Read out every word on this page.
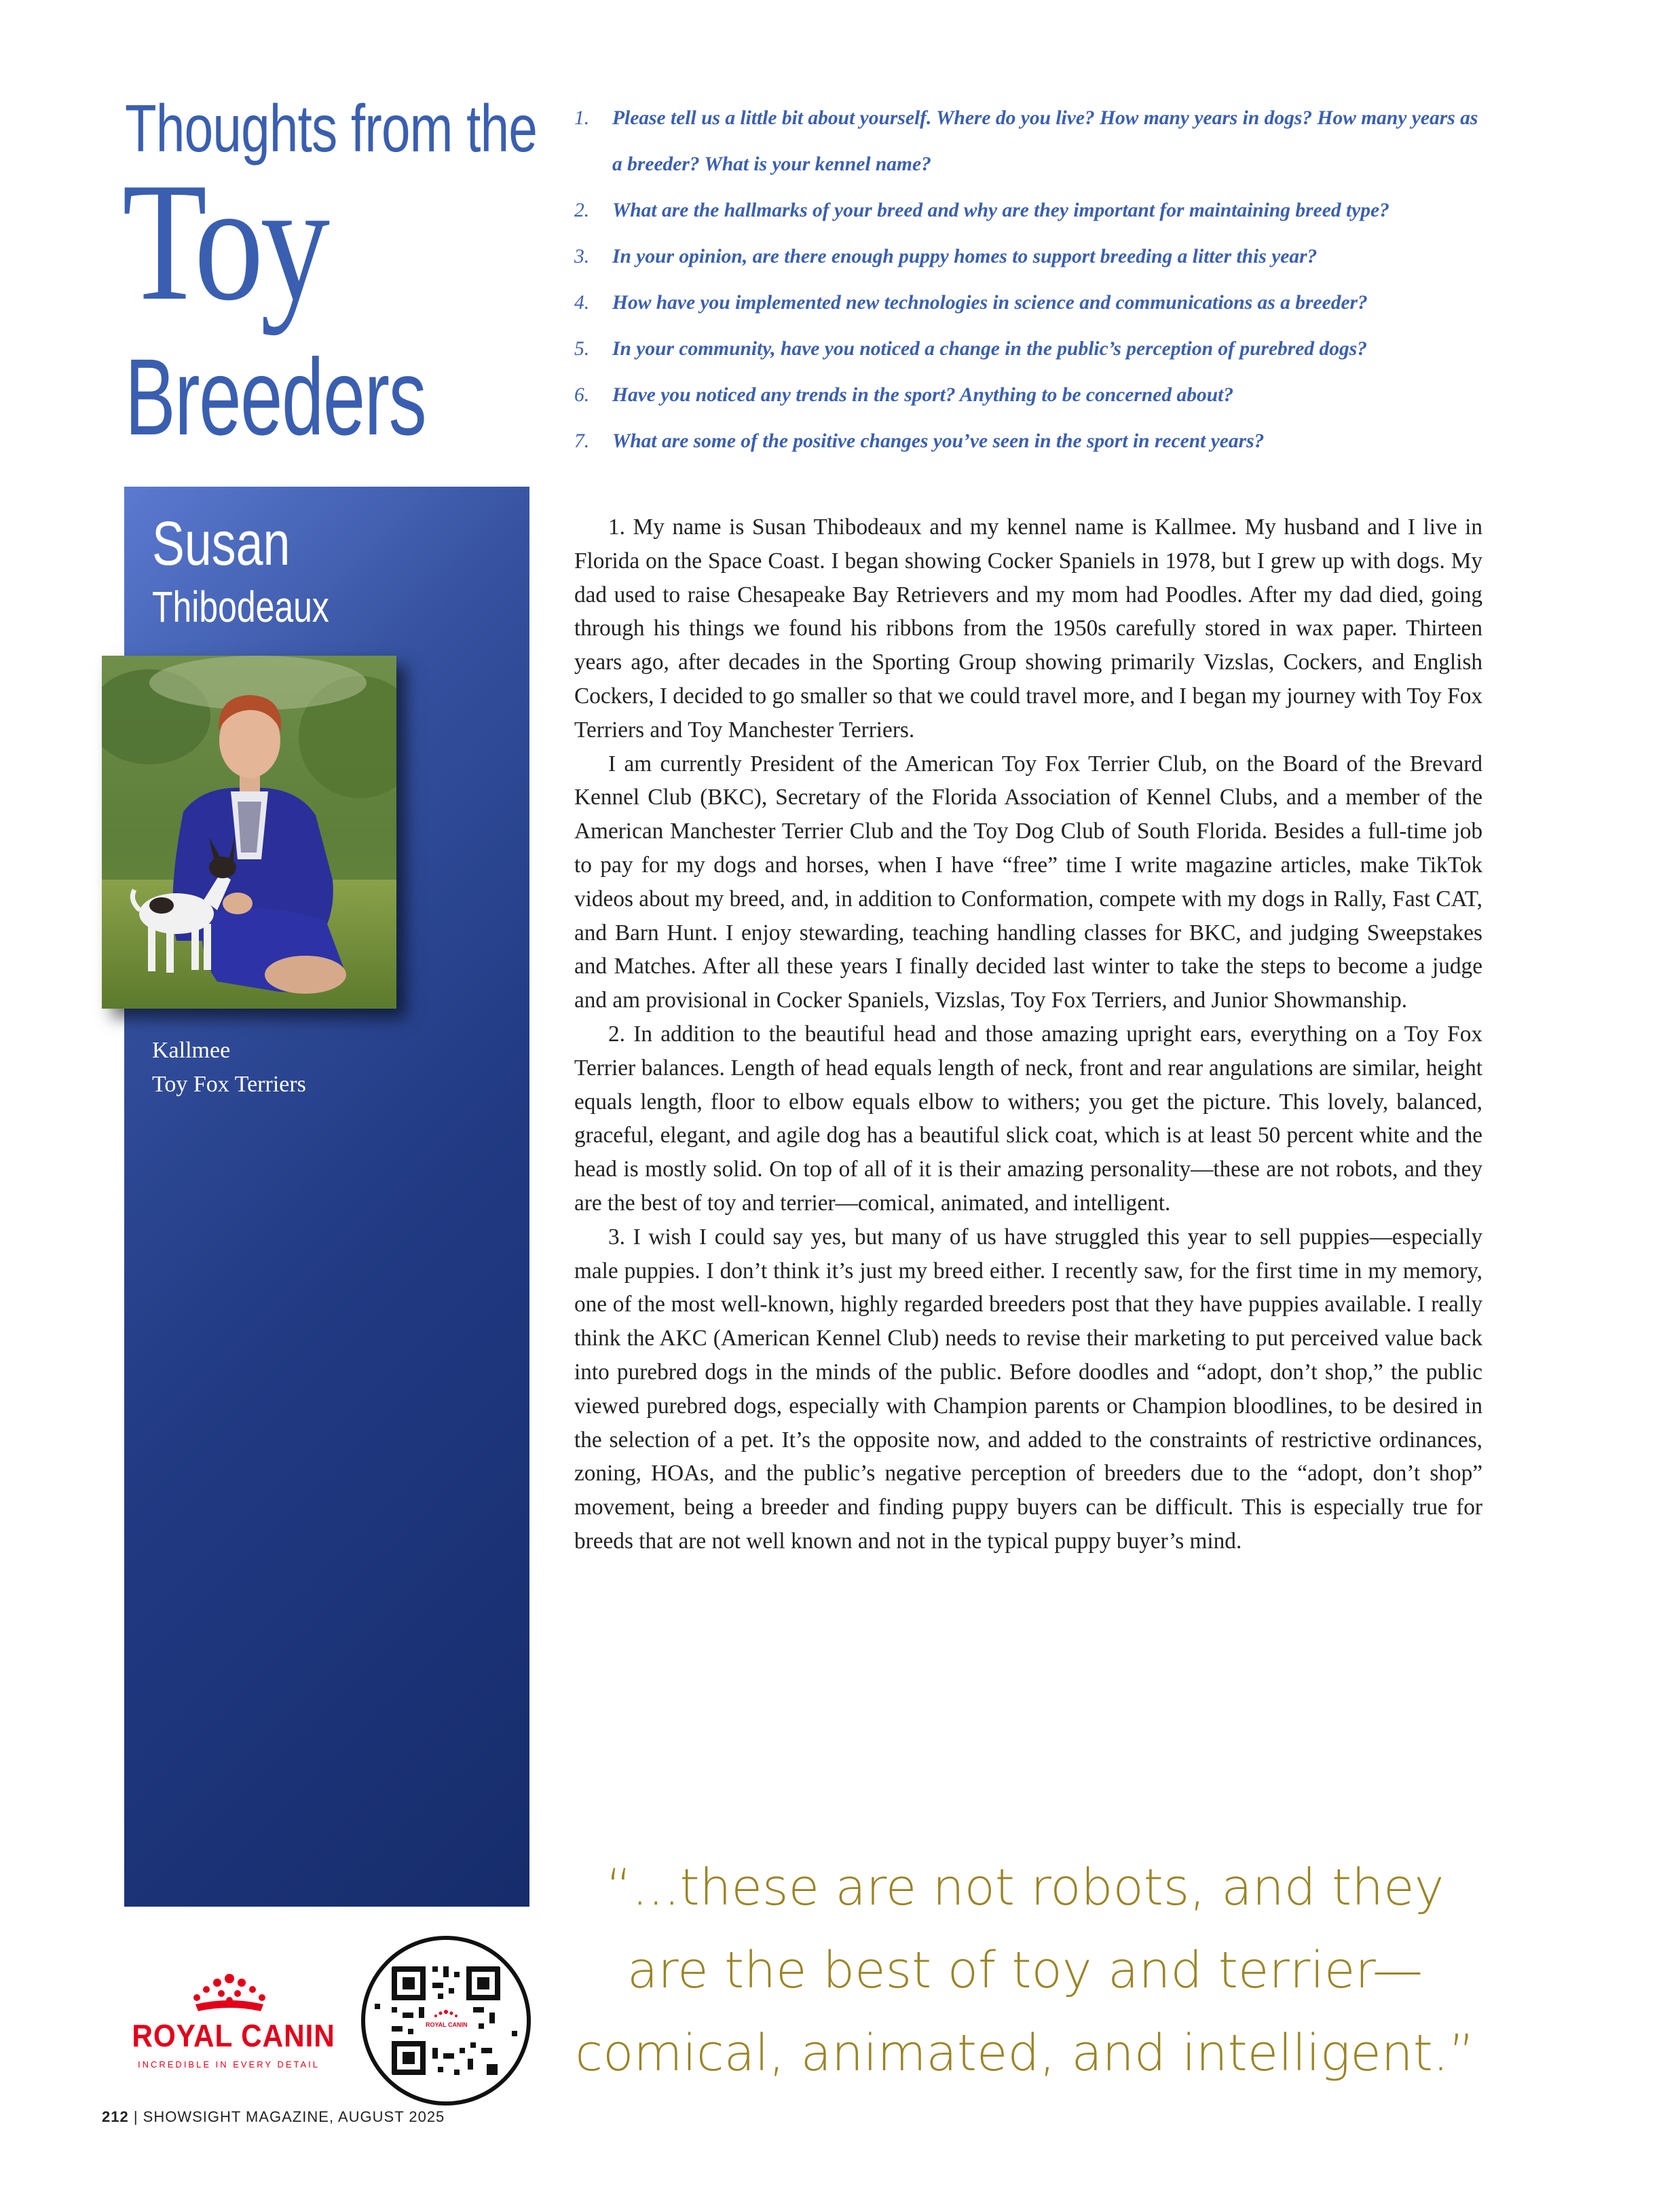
Thoughts from the
Toy
Breeders
1. Please tell us a little bit about yourself. Where do you live? How many years in dogs? How many years as a breeder? What is your kennel name?
2. What are the hallmarks of your breed and why are they important for maintaining breed type?
3. In your opinion, are there enough puppy homes to support breeding a litter this year?
4. How have you implemented new technologies in science and communications as a breeder?
5. In your community, have you noticed a change in the public’s perception of purebred dogs?
6. Have you noticed any trends in the sport? Anything to be concerned about?
7. What are some of the positive changes you’ve seen in the sport in recent years?
Susan
Thibodeaux
Kallmee
Toy Fox Terriers

1. My name is Susan Thibodeaux and my kennel name is Kallmee. My husband and I live in Florida on the Space Coast. I began showing Cocker Spaniels in 1978, but I grew up with dogs. My dad used to raise Chesapeake Bay Retrievers and my mom had Poodles. After my dad died, going through his things we found his ribbons from the 1950s carefully stored in wax paper. Thirteen years ago, after decades in the Sporting Group showing primarily Vizslas, Cockers, and English Cockers, I decided to go smaller so that we could travel more, and I began my journey with Toy Fox Terriers and Toy Manchester Terriers.

I am currently President of the American Toy Fox Terrier Club, on the Board of the Brevard Kennel Club (BKC), Secretary of the Florida Association of Kennel Clubs, and a member of the American Manchester Terrier Club and the Toy Dog Club of South Florida. Besides a full-time job to pay for my dogs and horses, when I have “free” time I write magazine articles, make TikTok videos about my breed, and, in addition to Conformation, compete with my dogs in Rally, Fast CAT, and Barn Hunt. I enjoy stewarding, teaching handling classes for BKC, and judging Sweepstakes and Matches. After all these years I finally decided last winter to take the steps to become a judge and am provisional in Cocker Spaniels, Vizslas, Toy Fox Terriers, and Junior Showmanship.

2. In addition to the beautiful head and those amazing upright ears, everything on a Toy Fox Terrier balances. Length of head equals length of neck, front and rear angulations are similar, height equals length, floor to elbow equals elbow to withers; you get the picture. This lovely, balanced, graceful, elegant, and agile dog has a beautiful slick coat, which is at least 50 percent white and the head is mostly solid. On top of all of it is their amazing personality—these are not robots, and they are the best of toy and terrier—comical, animated, and intelligent.

3. I wish I could say yes, but many of us have struggled this year to sell puppies—especially male puppies. I don’t think it’s just my breed either. I recently saw, for the first time in my memory, one of the most well-known, highly regarded breeders post that they have puppies available. I really think the AKC (American Kennel Club) needs to revise their marketing to put perceived value back into purebred dogs in the minds of the public. Before doodles and “adopt, don’t shop,” the public viewed purebred dogs, especially with Champion parents or Champion bloodlines, to be desired in the selection of a pet. It’s the opposite now, and added to the constraints of restrictive ordinances, zoning, HOAs, and the public’s negative perception of breeders due to the “adopt, don’t shop” movement, being a breeder and finding puppy buyers can be difficult. This is especially true for breeds that are not well known and not in the typical puppy buyer’s mind.

“...these are not robots, and they
are the best of toy and terrier—
comical, animated, and intelligent.”
ROYAL CANIN
INCREDIBLE IN EVERY DETAIL
ROYAL CANIN
212 | SHOWSIGHT MAGAZINE, AUGUST 2025
